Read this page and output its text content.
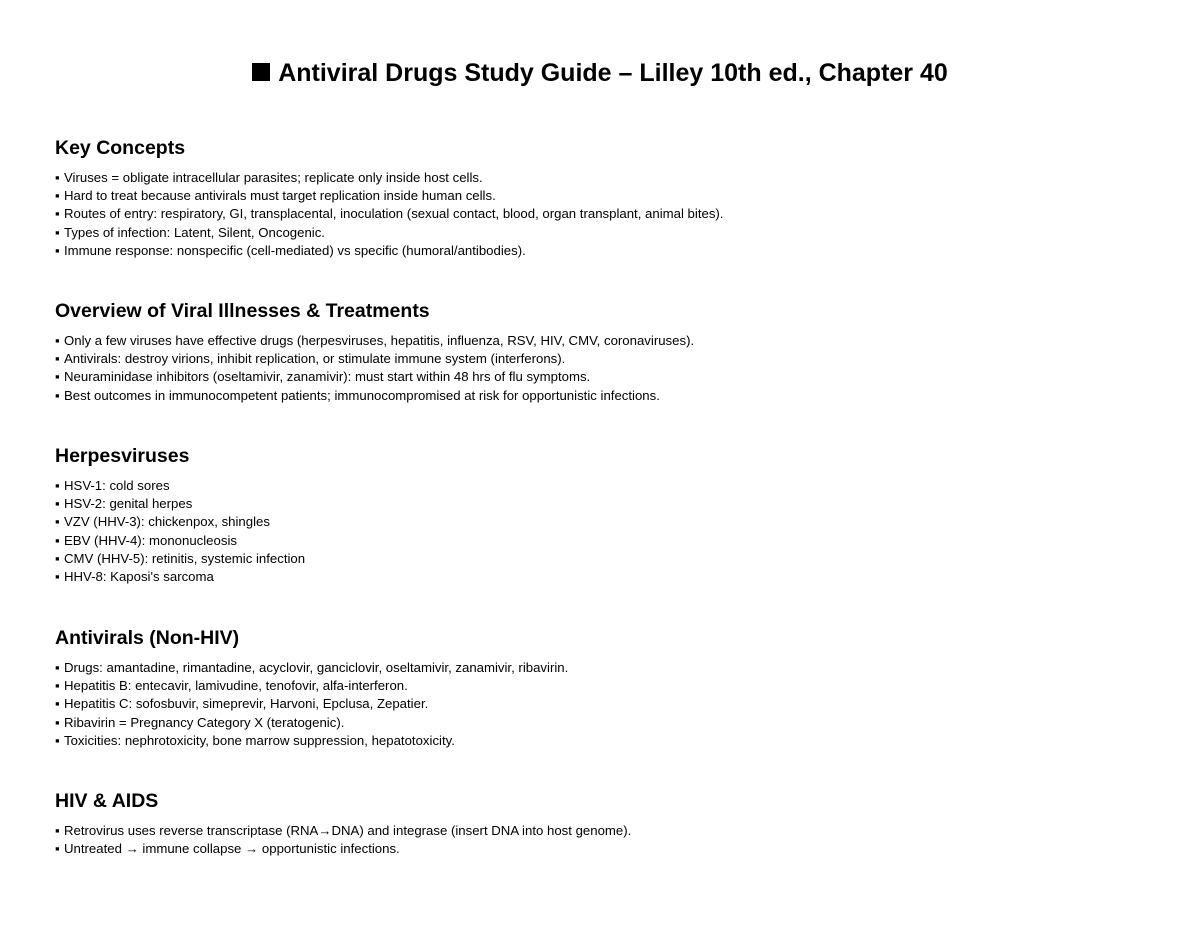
Antiviral Drugs Study Guide – Lilley 10th ed., Chapter 40
Key Concepts
▪ Viruses = obligate intracellular parasites; replicate only inside host cells.
▪ Hard to treat because antivirals must target replication inside human cells.
▪ Routes of entry: respiratory, GI, transplacental, inoculation (sexual contact, blood, organ transplant, animal bites).
▪ Types of infection: Latent, Silent, Oncogenic.
▪ Immune response: nonspecific (cell-mediated) vs specific (humoral/antibodies).
Overview of Viral Illnesses & Treatments
▪ Only a few viruses have effective drugs (herpesviruses, hepatitis, influenza, RSV, HIV, CMV, coronaviruses).
▪ Antivirals: destroy virions, inhibit replication, or stimulate immune system (interferons).
▪ Neuraminidase inhibitors (oseltamivir, zanamivir): must start within 48 hrs of flu symptoms.
▪ Best outcomes in immunocompetent patients; immunocompromised at risk for opportunistic infections.
Herpesviruses
▪ HSV-1: cold sores
▪ HSV-2: genital herpes
▪ VZV (HHV-3): chickenpox, shingles
▪ EBV (HHV-4): mononucleosis
▪ CMV (HHV-5): retinitis, systemic infection
▪ HHV-8: Kaposi's sarcoma
Antivirals (Non-HIV)
▪ Drugs: amantadine, rimantadine, acyclovir, ganciclovir, oseltamivir, zanamivir, ribavirin.
▪ Hepatitis B: entecavir, lamivudine, tenofovir, alfa-interferon.
▪ Hepatitis C: sofosbuvir, simeprevir, Harvoni, Epclusa, Zepatier.
▪ Ribavirin = Pregnancy Category X (teratogenic).
▪ Toxicities: nephrotoxicity, bone marrow suppression, hepatotoxicity.
HIV & AIDS
▪ Retrovirus uses reverse transcriptase (RNA→DNA) and integrase (insert DNA into host genome).
▪ Untreated → immune collapse → opportunistic infections.
